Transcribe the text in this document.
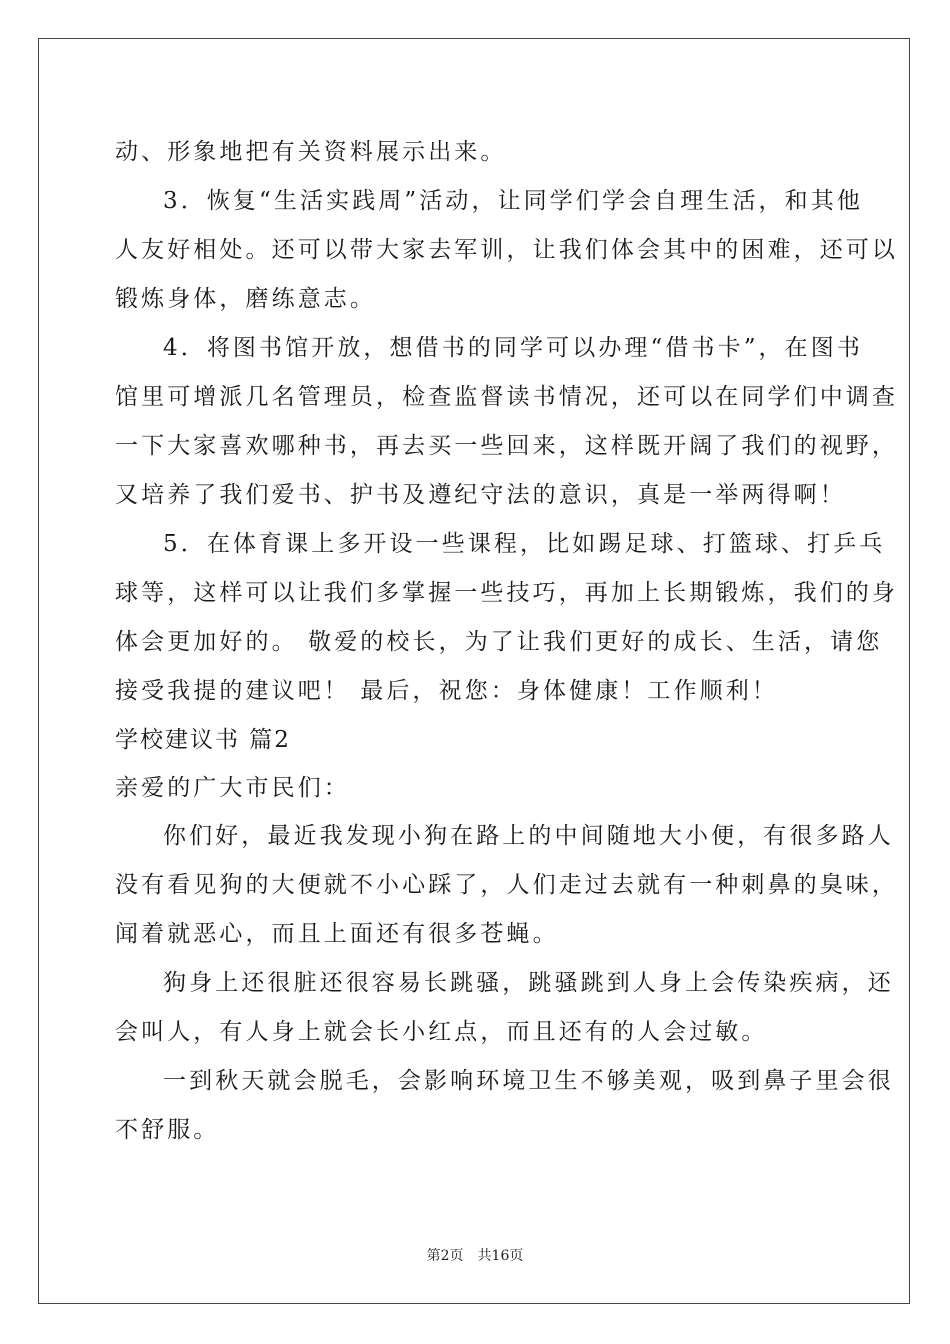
动、形象地把有关资料展示出来。
3．恢复“生活实践周”活动，让同学们学会自理生活，和其他
人友好相处。还可以带大家去军训，让我们体会其中的困难，还可以
锻炼身体，磨练意志。
4．将图书馆开放，想借书的同学可以办理“借书卡”，在图书
馆里可增派几名管理员，检查监督读书情况，还可以在同学们中调查
一下大家喜欢哪种书，再去买一些回来，这样既开阔了我们的视野，
又培养了我们爱书、护书及遵纪守法的意识，真是一举两得啊！
5．在体育课上多开设一些课程，比如踢足球、打篮球、打乒乓
球等，这样可以让我们多掌握一些技巧，再加上长期锻炼，我们的身
体会更加好的。 敬爱的校长，为了让我们更好的成长、生活，请您
接受我提的建议吧！ 最后，祝您：身体健康！工作顺利！
学校建议书 篇2
亲爱的广大市民们：
你们好，最近我发现小狗在路上的中间随地大小便，有很多路人
没有看见狗的大便就不小心踩了，人们走过去就有一种刺鼻的臭味，
闻着就恶心，而且上面还有很多苍蝇。
狗身上还很脏还很容易长跳骚，跳骚跳到人身上会传染疾病，还
会叫人，有人身上就会长小红点，而且还有的人会过敏。
一到秋天就会脱毛，会影响环境卫生不够美观，吸到鼻子里会很
不舒服。
第2页　共16页
